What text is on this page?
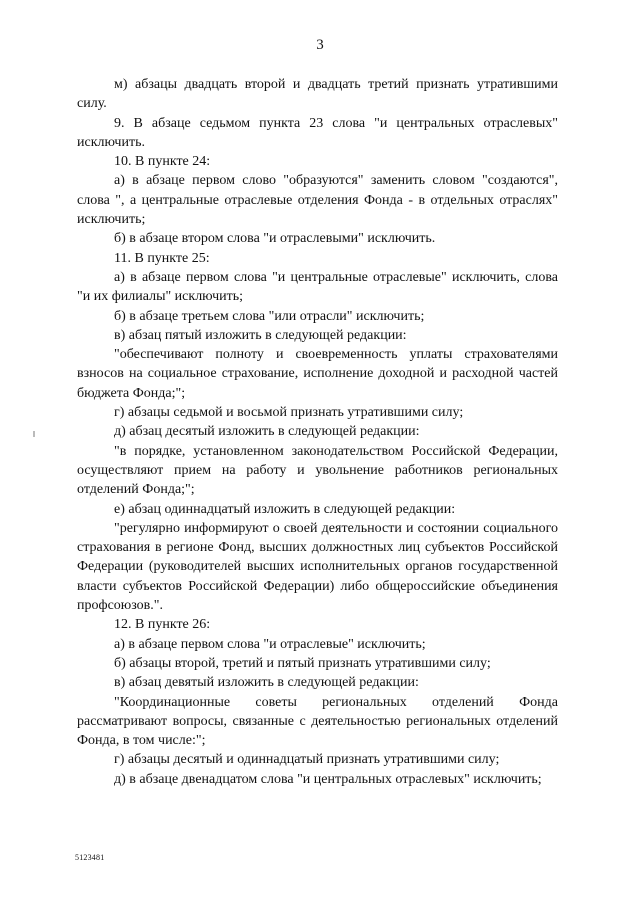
3

м) абзацы двадцать второй и двадцать третий признать утратившими силу.

9. В абзаце седьмом пункта 23 слова "и центральных отраслевых" исключить.

10. В пункте 24:

а) в абзаце первом слово "образуются" заменить словом "создаются", слова ", а центральные отраслевые отделения Фонда - в отдельных отраслях" исключить;

б) в абзаце втором слова "и отраслевыми" исключить.

11. В пункте 25:

а) в абзаце первом слова "и центральные отраслевые" исключить, слова "и их филиалы" исключить;

б) в абзаце третьем слова "или отрасли" исключить;

в) абзац пятый изложить в следующей редакции:

"обеспечивают полноту и своевременность уплаты страхователями взносов на социальное страхование, исполнение доходной и расходной частей бюджета Фонда;";

г) абзацы седьмой и восьмой признать утратившими силу;

д) абзац десятый изложить в следующей редакции:

"в порядке, установленном законодательством Российской Федерации, осуществляют прием на работу и увольнение работников региональных отделений Фонда;";

е) абзац одиннадцатый изложить в следующей редакции:

"регулярно информируют о своей деятельности и состоянии социального страхования в регионе Фонд, высших должностных лиц субъектов Российской Федерации (руководителей высших исполнительных органов государственной власти субъектов Российской Федерации) либо общероссийские объединения профсоюзов.".

12. В пункте 26:

а) в абзаце первом слова "и отраслевые" исключить;

б) абзацы второй, третий и пятый признать утратившими силу;

в) абзац девятый изложить в следующей редакции:

"Координационные советы региональных отделений Фонда рассматривают вопросы, связанные с деятельностью региональных отделений Фонда, в том числе:";

г) абзацы десятый и одиннадцатый признать утратившими силу;

д) в абзаце двенадцатом слова "и центральных отраслевых" исключить;

5123481
